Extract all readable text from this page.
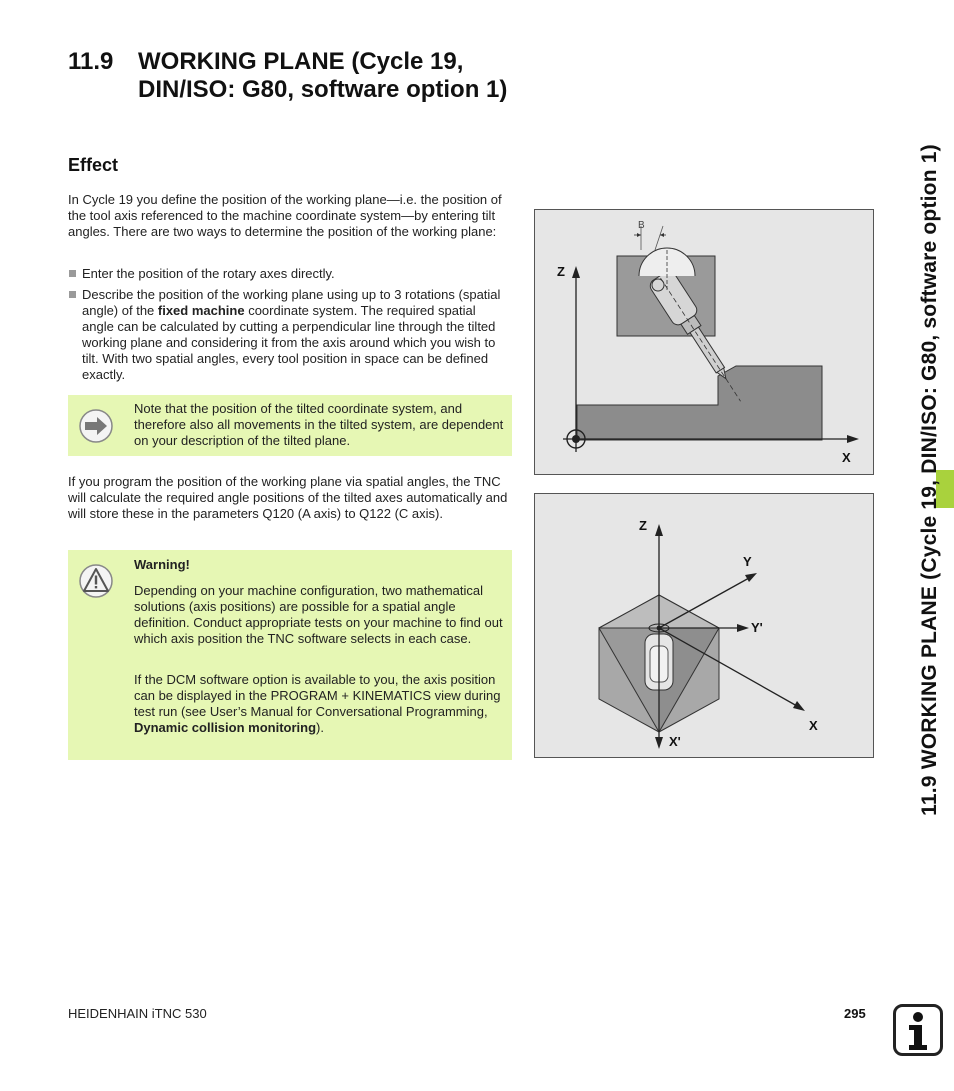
11.9 WORKING PLANE (Cycle 19, DIN/ISO: G80, software option 1)
Effect
In Cycle 19 you define the position of the working plane—i.e. the position of the tool axis referenced to the machine coordinate system—by entering tilt angles. There are two ways to determine the position of the working plane:
Enter the position of the rotary axes directly.
Describe the position of the working plane using up to 3 rotations (spatial angle) of the fixed machine coordinate system. The required spatial angle can be calculated by cutting a perpendicular line through the tilted working plane and considering it from the axis around which you wish to tilt. With two spatial angles, every tool position in space can be defined exactly.
Note that the position of the tilted coordinate system, and therefore also all movements in the tilted system, are dependent on your description of the tilted plane.
If you program the position of the working plane via spatial angles, the TNC will calculate the required angle positions of the tilted axes automatically and will store these in the parameters Q120 (A axis) to Q122 (C axis).
Warning!
Depending on your machine configuration, two mathematical solutions (axis positions) are possible for a spatial angle definition. Conduct appropriate tests on your machine to find out which axis position the TNC software selects in each case.
If the DCM software option is available to you, the axis position can be displayed in the PROGRAM + KINEMATICS view during test run (see User’s Manual for Conversational Programming, Dynamic collision monitoring).
B
Z
X
Z
Y
Y'
X
X'	11.9 WORKING PLANE (Cycle 19, DIN/ISO: G80, software option 1)
HEIDENHAIN iTNC 530	295
